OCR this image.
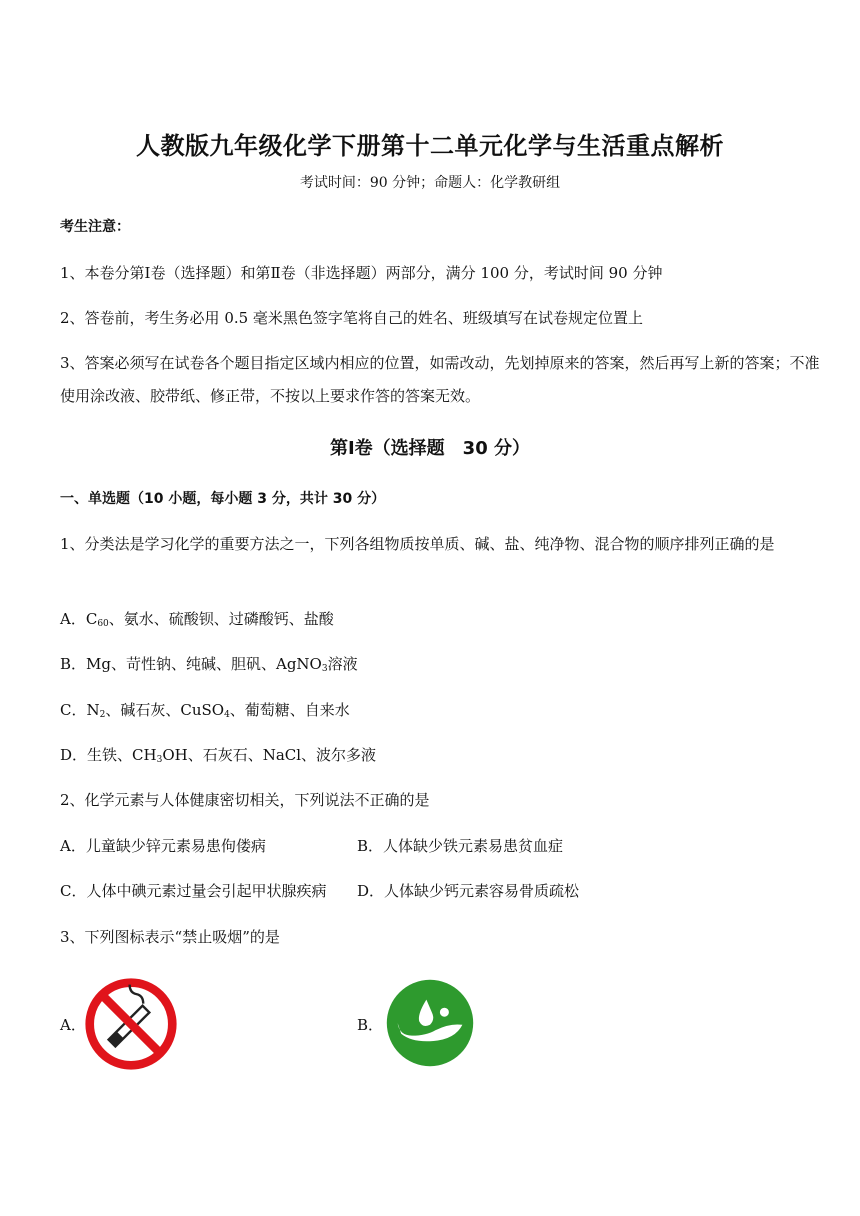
人教版九年级化学下册第十二单元化学与生活重点解析
考试时间：90 分钟；命题人：化学教研组
考生注意：
1、本卷分第Ⅰ卷（选择题）和第Ⅱ卷（非选择题）两部分，满分 100 分，考试时间 90 分钟
2、答卷前，考生务必用 0.5 毫米黑色签字笔将自己的姓名、班级填写在试卷规定位置上
3、答案必须写在试卷各个题目指定区域内相应的位置，如需改动，先划掉原来的答案，然后再写上新的答案；不准使用涂改液、胶带纸、修正带，不按以上要求作答的答案无效。
第Ⅰ卷（选择题　30 分）
一、单选题（10 小题，每小题 3 分，共计 30 分）
1、分类法是学习化学的重要方法之一，下列各组物质按单质、碱、盐、纯净物、混合物的顺序排列正确的是
A．$C_{60}$、氨水、硫酸钡、过磷酸钙、盐酸
B．Mg、苛性钠、纯碱、胆矾、AgNO$_3$溶液
C．$N_2$、碱石灰、CuSO$_4$、葡萄糖、自来水
D．生铁、$CH_3OH$、石灰石、NaCl、波尔多液
2、化学元素与人体健康密切相关，下列说法不正确的是
A．儿童缺少锌元素易患佝偻病	B．人体缺少铁元素易患贫血症
C．人体中碘元素过量会引起甲状腺疾病 D．人体缺少钙元素容易骨质疏松
3、下列图标表示“禁止吸烟”的是
A．	B．
